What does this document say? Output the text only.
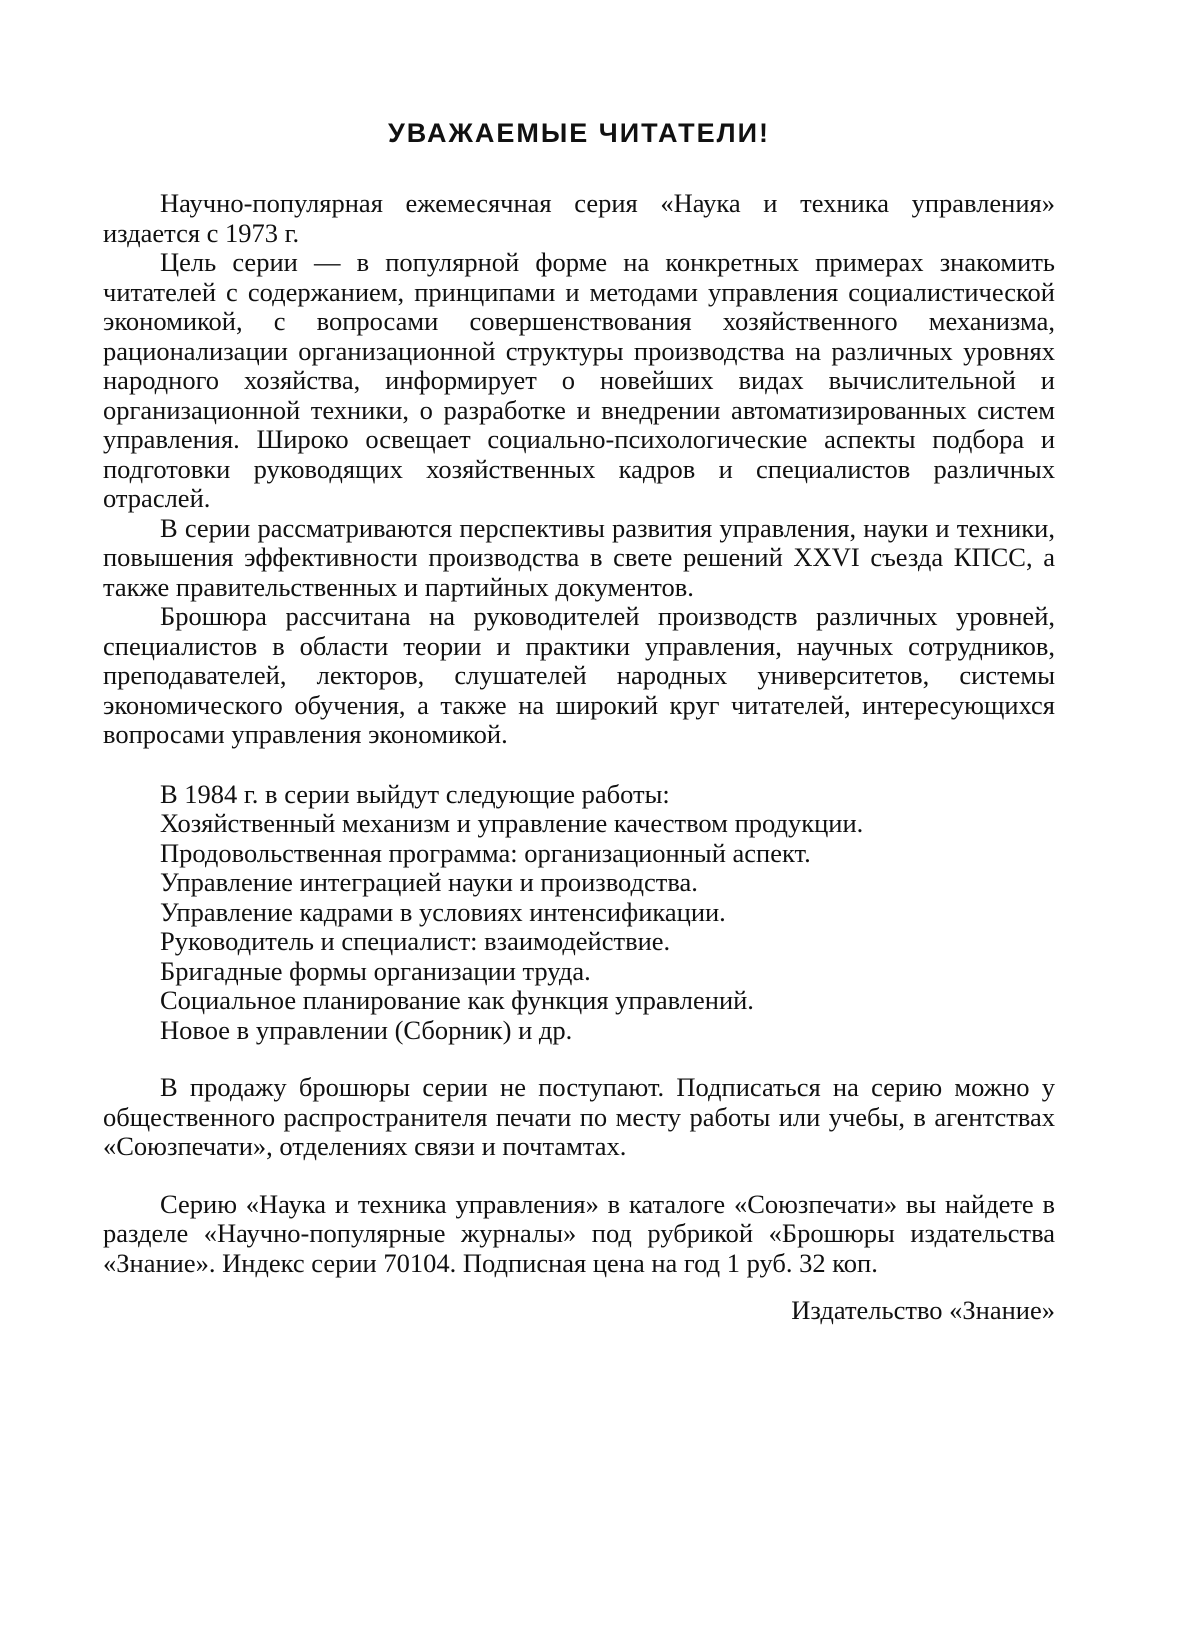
УВАЖАЕМЫЕ ЧИТАТЕЛИ!

Научно-популярная ежемесячная серия «Наука и техника управления» издается с 1973 г.

Цель серии — в популярной форме на конкретных примерах знакомить читателей с содержанием, принципами и методами управления социалистической экономикой, с вопросами совершенствования хозяйственного механизма, рационализации организационной структуры производства на различных уровнях народного хозяйства, информирует о новейших видах вычислительной и организационной техники, о разработке и внедрении автоматизированных систем управления. Широко освещает социально-психологические аспекты подбора и подготовки руководящих хозяйственных кадров и специалистов различных отраслей.

В серии рассматриваются перспективы развития управления, науки и техники, повышения эффективности производства в свете решений XXVI съезда КПСС, а также правительственных и партийных документов.

Брошюра рассчитана на руководителей производств различных уровней, специалистов в области теории и практики управления, научных сотрудников, преподавателей, лекторов, слушателей народных университетов, системы экономического обучения, а также на широкий круг читателей, интересующихся вопросами управления экономикой.

В 1984 г. в серии выйдут следующие работы:
Хозяйственный механизм и управление качеством продукции.
Продовольственная программа: организационный аспект.
Управление интеграцией науки и производства.
Управление кадрами в условиях интенсификации.
Руководитель и специалист: взаимодействие.
Бригадные формы организации труда.
Социальное планирование как функция управлений.
Новое в управлении (Сборник) и др.

В продажу брошюры серии не поступают. Подписаться на серию можно у общественного распространителя печати по месту работы или учебы, в агентствах «Союзпечати», отделениях связи и почтамтах.

Серию «Наука и техника управления» в каталоге «Союзпечати» вы найдете в разделе «Научно-популярные журналы» под рубрикой «Брошюры издательства «Знание». Индекс серии 70104. Подписная цена на год 1 руб. 32 коп.

Издательство «Знание»
